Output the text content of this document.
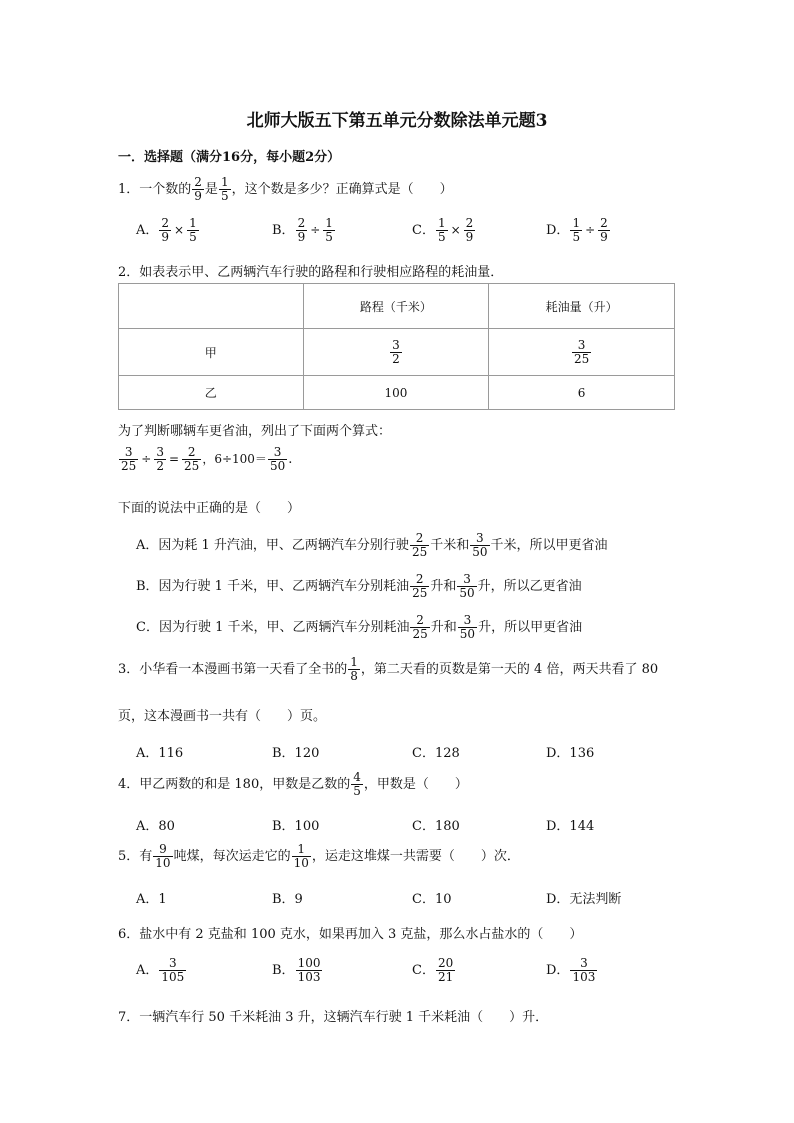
北师大版五下第五单元分数除法单元题3
一．选择题（满分16分，每小题2分）
1．一个数的 $\frac{2}{9}$ 是 $\frac{1}{5}$ ，这个数是多少？正确算式是（　　）
A． $\frac{2}{9} \times \frac{1}{5}$	B． $\frac{2}{9} \div \frac{1}{5}$	C． $\frac{1}{5} \times \frac{2}{9}$	D． $\frac{1}{5} \div \frac{2}{9}$
2．如表表示甲、乙两辆汽车行驶的路程和行驶相应路程的耗油量．
	路程（千米）	耗油量（升）
甲	$\frac{3}{2}$	$\frac{3}{25}$

乙	100	6
为了判断哪辆车更省油，列出了下面两个算式：
$\frac{3}{25} \div \frac{3}{2} = \frac{2}{25}$ ，$6\div 100= \frac{3}{50}$ .
下面的说法中正确的是（　　）
A．因为耗 1 升汽油，甲、乙两辆汽车分别行驶 $\frac{2}{25}$ 千米和 $\frac{3}{50}$ 千米，所以甲更省油
B．因为行驶 1 千米，甲、乙两辆汽车分别耗油 $\frac{2}{25}$ 升和 $\frac{3}{50}$ 升，所以乙更省油
C．因为行驶 1 千米，甲、乙两辆汽车分别耗油 $\frac{2}{25}$ 升和 $\frac{3}{50}$ 升，所以甲更省油
3．小华看一本漫画书第一天看了全书的 $\frac{1}{8}$ ，第二天看的页数是第一天的 4 倍，两天共看了 80
页，这本漫画书一共有（　　）页。
A．116	B．120	C．128	D．136
4．甲乙两数的和是 180，甲数是乙数的 $\frac{4}{5}$ ，甲数是（　　）
A．80	B．100	C．180	D．144
5．有 $\frac{9}{10}$ 吨煤，每次运走它的 $\frac{1}{10}$ ，运走这堆煤一共需要（　　）次．
A．1	B．9	C．10	D．无法判断
6．盐水中有 2 克盐和 100 克水，如果再加入 3 克盐，那么水占盐水的（　　）
A． $\frac{3}{105}$	B． $\frac{100}{103}$	C． $\frac{20}{21}$	D． $\frac{3}{103}$
7．一辆汽车行 50 千米耗油 3 升，这辆汽车行驶 1 千米耗油（　　）升．
